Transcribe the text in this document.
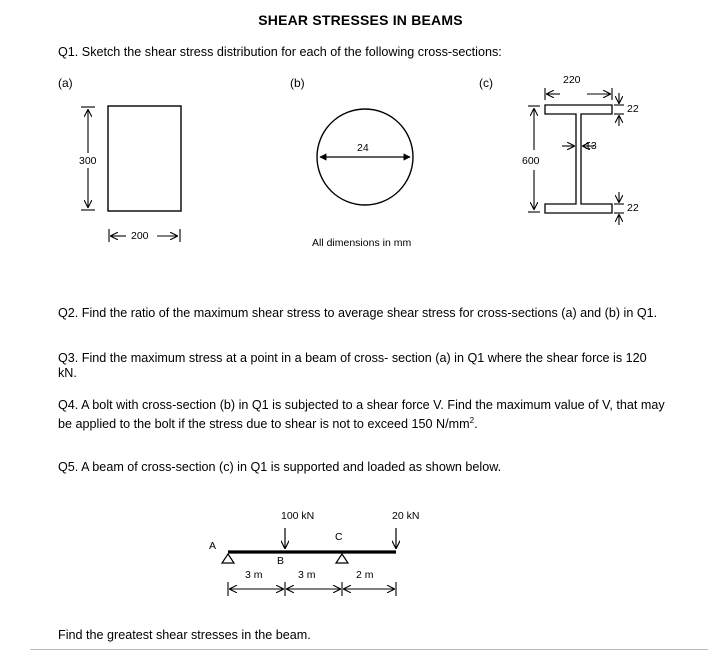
SHEAR STRESSES IN BEAMS
Q1. Sketch the shear stress distribution for each of the following cross-sections:
(a)	(b)	(c)
300
200
24
All dimensions in mm
220
22
13
600
22
Q2. Find the ratio of the maximum shear stress to average shear stress for cross-sections (a) and (b) in Q1.
Q3. Find the maximum stress at a point in a beam of cross- section (a) in Q1 where the shear force is 120 kN.
Q4. A bolt with cross-section (b) in Q1 is subjected to a shear force V. Find the maximum value of V, that may be applied to the bolt if the stress due to shear is not to exceed 150 $N/mm^2$.
Q5. A beam of cross-section (c) in Q1 is supported and loaded as shown below.
100 kN	20 kN
A
B
C
3 m	3 m	2 m
Find the greatest shear stresses in the beam.
